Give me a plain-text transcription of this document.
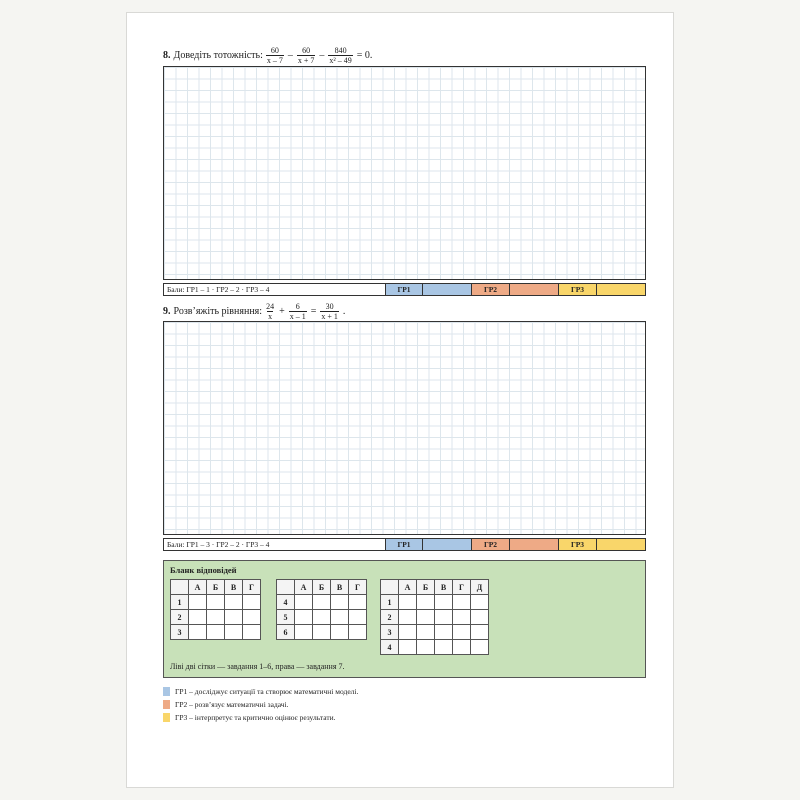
8. Доведіть тотожність: $\frac{60}{x - 7} - \frac{60}{x + 7} - \frac{840}{\text{x² – 49}} = 0$.
Бали: ГР1 – 1 · ГР2 – 2 · ГР3 – 4	ГР1	ГР2	ГР3
9. Розв’яжіть рівняння: $\frac{24}{x} + \frac{6}{x - 1} = \frac{30}{x + 1}$ .
Бали: ГР1 – 3 · ГР2 – 2 · ГР3 – 4	ГР1	ГР2	ГР3
Бланк відповідей
	А	Б	В	Г
1				
2				
3				
	А	Б	В	Г
4				
5				
6				
	А	Б	В	Г	Д
1					
2					
3					
4					
Ліві дві сітки — завдання 1–6, права — завдання 7.
ГР1 – досліджує ситуації та створює математичні моделі.
ГР2 – розв’язує математичні задачі.
ГР3 – інтерпретує та критично оцінює результати.
